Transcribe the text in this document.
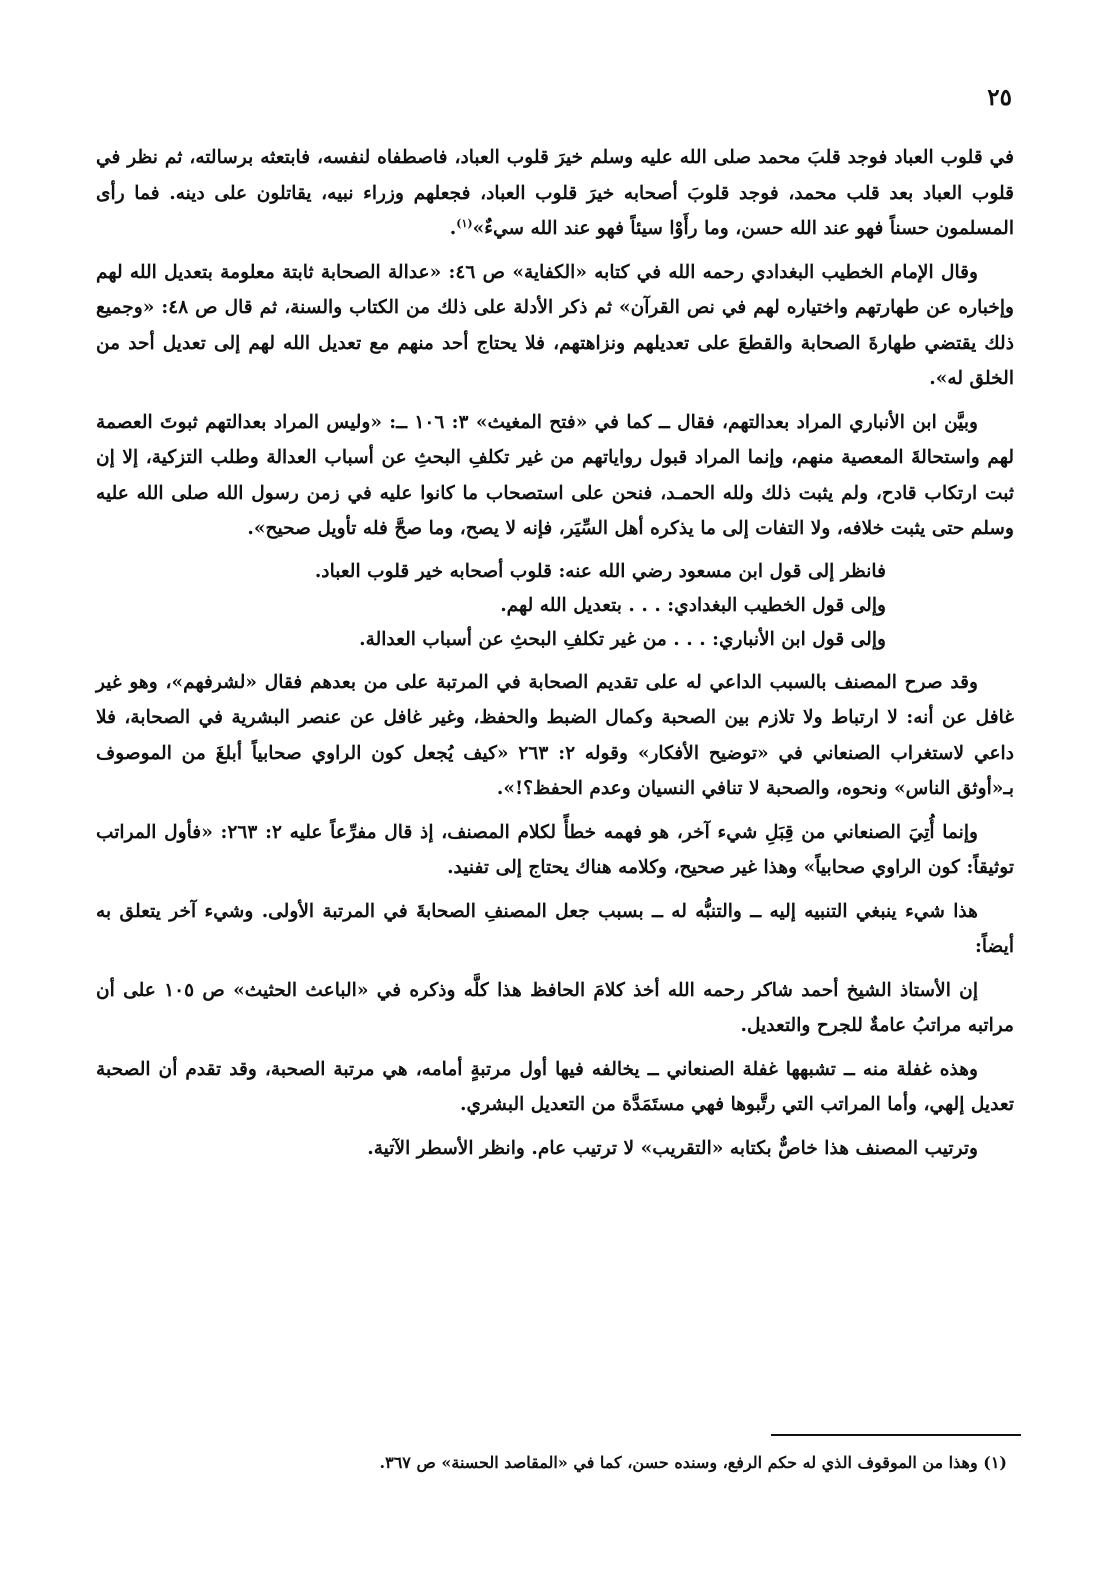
٢٥

في قلوب العباد فوجد قلبَ محمد صلى الله عليه وسلم خيرَ قلوب العباد، فاصطفاه لنفسه، فابتعثه برسالته، ثم نظر في قلوب العباد بعد قلب محمد، فوجد قلوبَ أصحابه خيرَ قلوب العباد، فجعلهم وزراء نبيه، يقاتلون على دينه. فما رأى المسلمون حسناً فهو عند الله حسن، وما رأَوْا سيئاً فهو عند الله سيءٌ»$^{(١)}$.

وقال الإمام الخطيب البغدادي رحمه الله في كتابه «الكفاية» ص ٤٦: «عدالة الصحابة ثابتة معلومة بتعديل الله لهم وإخباره عن طهارتهم واختياره لهم في نص القرآن» ثم ذكر الأدلة على ذلك من الكتاب والسنة، ثم قال ص ٤٨: «وجميع ذلك يقتضي طهارةَ الصحابة والقطعَ على تعديلهم ونزاهتهم، فلا يحتاج أحد منهم مع تعديل الله لهم إلى تعديل أحد من الخلق له».

وبيَّن ابن الأنباري المراد بعدالتهم، فقال ــ كما في «فتح المغيث» ٣: ١٠٦ ــ: «وليس المراد بعدالتهم ثبوتَ العصمة لهم واستحالةَ المعصية منهم، وإنما المراد قبول رواياتهم من غير تكلفِ البحثِ عن أسباب العدالة وطلب التزكية، إلا إن ثبت ارتكاب قادح، ولم يثبت ذلك ولله الحمـد، فنحن على استصحاب ما كانوا عليه في زمن رسول الله صلى الله عليه وسلم حتى يثبت خلافه، ولا التفات إلى ما يذكره أهل السِّيَر، فإنه لا يصح، وما صحَّ فله تأويل صحيح».

فانظر إلى قول ابن مسعود رضي الله عنه: قلوب أصحابه خير قلوب العباد.
وإلى قول الخطيب البغدادي: . . . بتعديل الله لهم.
وإلى قول ابن الأنباري: . . . من غير تكلفِ البحثِ عن أسباب العدالة.

وقد صرح المصنف بالسبب الداعي له على تقديم الصحابة في المرتبة على من بعدهم فقال «لشرفهم»، وهو غير غافل عن أنه: لا ارتباط ولا تلازم بين الصحبة وكمال الضبط والحفظ، وغير غافل عن عنصر البشرية في الصحابة، فلا داعي لاستغراب الصنعاني في «توضيح الأفكار» وقوله ٢: ٢٦٣ «كيف يُجعل كون الراوي صحابياً أبلغَ من الموصوف بـ«أوثق الناس» ونحوه، والصحبة لا تنافي النسيان وعدم الحفظ؟!».

وإنما أُتِيَ الصنعاني من قِبَلِ شيء آخر، هو فهمه خطأً لكلام المصنف، إذ قال مفرِّعاً عليه ٢: ٢٦٣: «فأول المراتب توثيقاً: كون الراوي صحابياً» وهذا غير صحيح، وكلامه هناك يحتاج إلى تفنيد.

هذا شيء ينبغي التنبيه إليه ــ والتنبُّه له ــ بسبب جعل المصنفِ الصحابةَ في المرتبة الأولى. وشيء آخر يتعلق به أيضاً:

إن الأستاذ الشيخ أحمد شاكر رحمه الله أخذ كلامَ الحافظ هذا كلَّه وذكره في «الباعث الحثيث» ص ١٠٥ على أن مراتبه مراتبُ عامةٌ للجرح والتعديل.

وهذه غفلة منه ــ تشبهها غفلة الصنعاني ــ يخالفه فيها أول مرتبةٍ أمامه، هي مرتبة الصحبة، وقد تقدم أن الصحبة تعديل إلهي، وأما المراتب التي رتَّبوها فهي مستَمَدَّة من التعديل البشري.

وترتيب المصنف هذا خاصٌّ بكتابه «التقريب» لا ترتيب عام. وانظر الأسطر الآتية.

(١) وهذا من الموقوف الذي له حكم الرفع، وسنده حسن، كما في «المقاصد الحسنة» ص ٣٦٧.
